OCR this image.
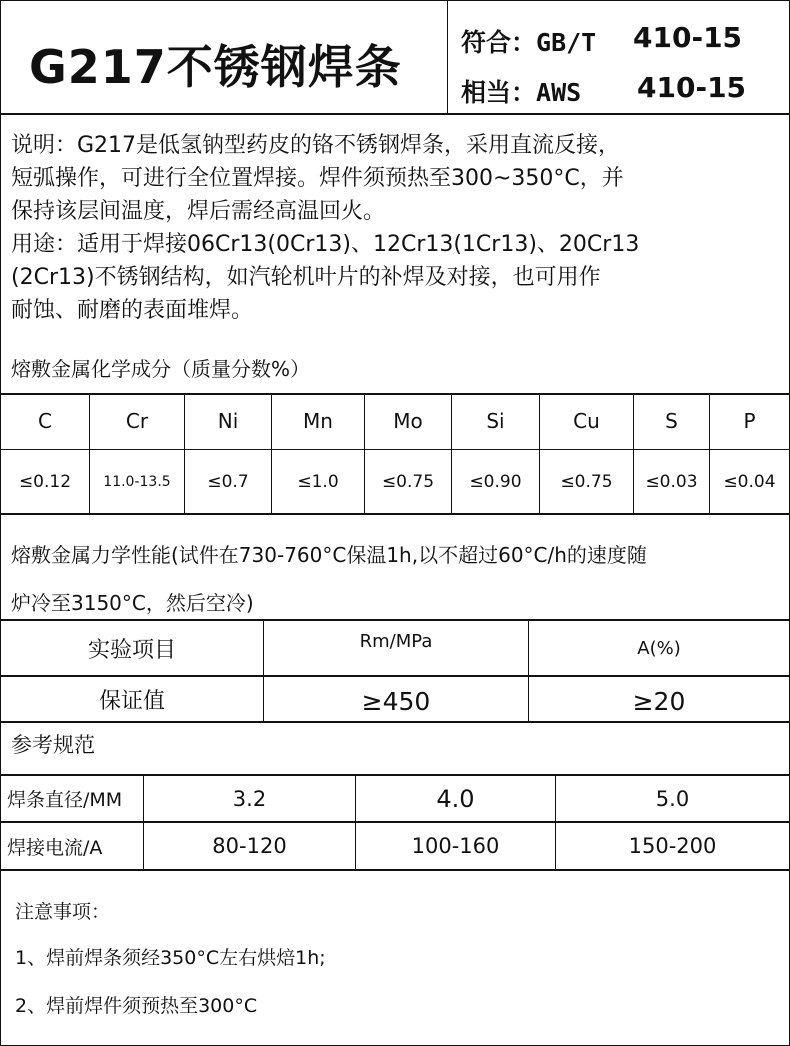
G217不锈钢焊条 符合：GB/T 410-15
相当：AWS 410-15

说明：G217是低氢钠型药皮的铬不锈钢焊条，采用直流反接，

短弧操作，可进行全位置焊接。焊件须预热至300~350°C，并

保持该层间温度，焊后需经高温回火。

用途：适用于焊接06Cr13(0Cr13)、12Cr13(1Cr13)、20Cr13

(2Cr13)不锈钢结构，如汽轮机叶片的补焊及对接，也可用作

耐蚀、耐磨的表面堆焊。

熔敷金属化学成分（质量分数%）
C	Cr	Ni	Mn	Mo	Si	Cu	S	P
≤0.12	11.0-13.5	≤0.7	≤1.0	≤0.75	≤0.90	≤0.75	≤0.03	≤0.04
熔敷金属力学性能(试件在730-760°C保温1h,以不超过60°C/h的速度随
炉冷至3150°C，然后空冷)
实验项目	Rm/MPa	A(%)
保证值	≥450	≥20
参考规范
焊条直径/MM	3.2	4.0	5.0
焊接电流/A	80-120	100-160	150-200
注意事项：
1、焊前焊条须经350°C左右烘焙1h;
2、焊前焊件须预热至300°C
